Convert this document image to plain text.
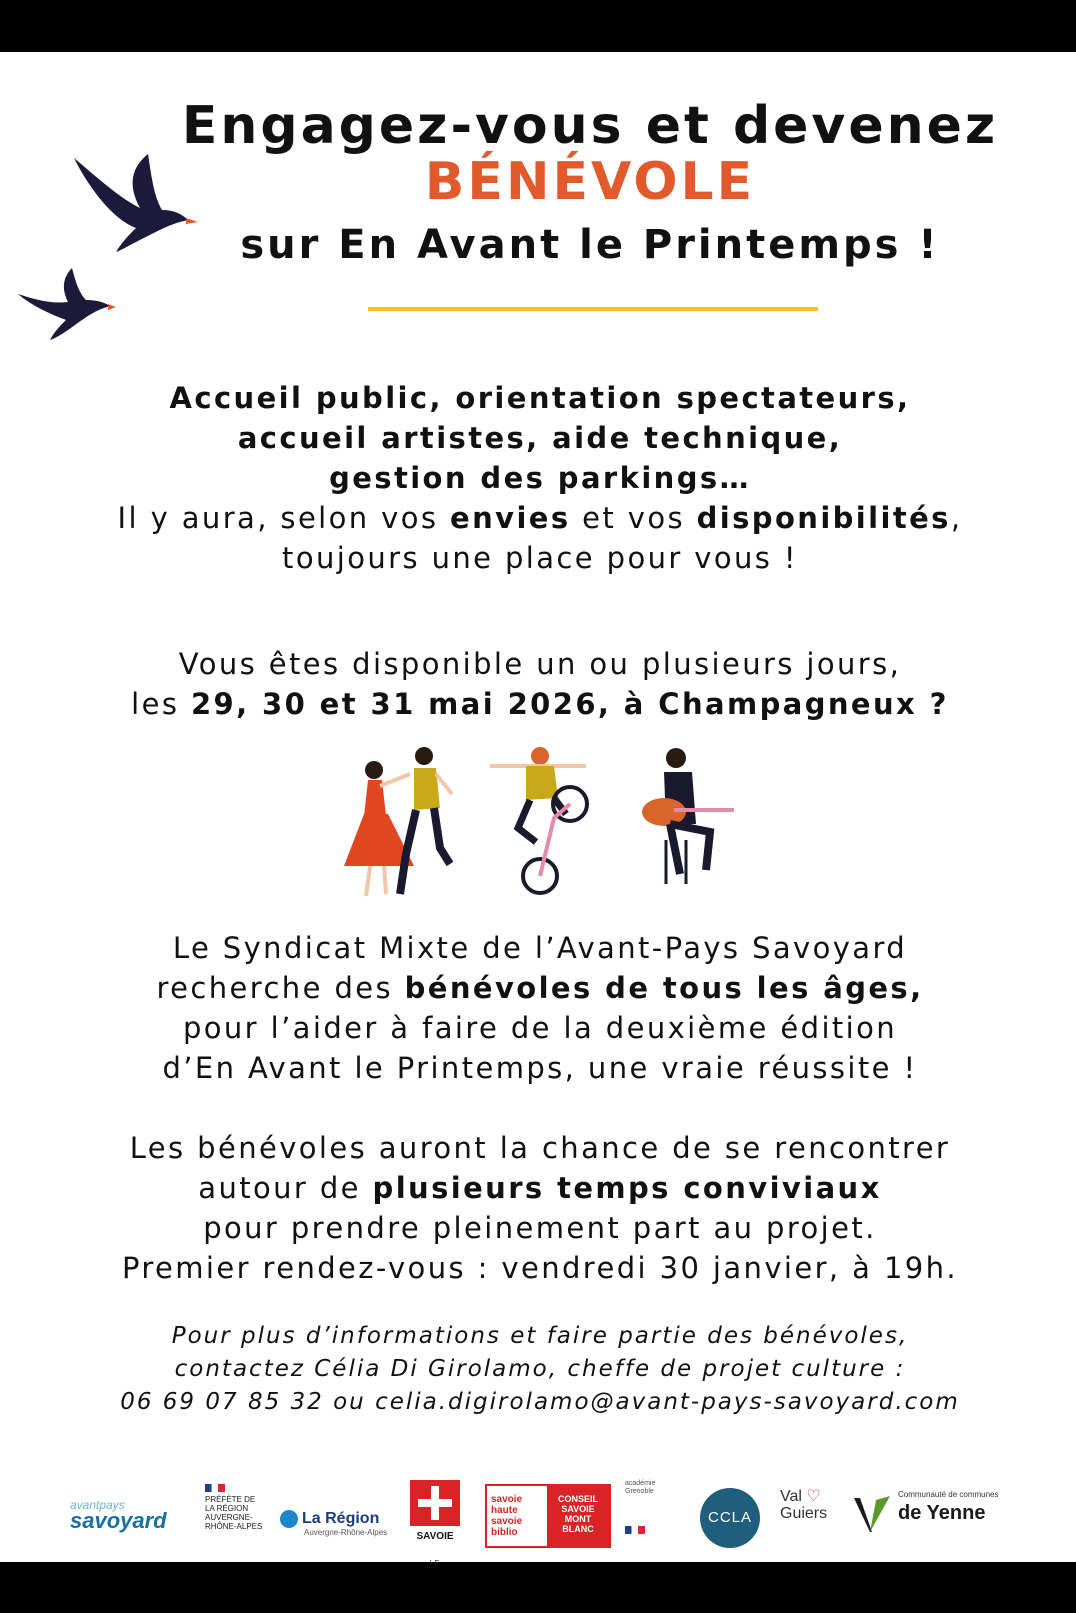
Engagez-vous et devenez
BÉNÉVOLE
sur En Avant le Printemps !
Accueil public, orientation spectateurs,
accueil artistes, aide technique,
gestion des parkings…
Il y aura, selon vos envies et vos disponibilités,
toujours une place pour vous !
Vous êtes disponible un ou plusieurs jours,
les 29, 30 et 31 mai 2026, à Champagneux ?
Le Syndicat Mixte de l’Avant-Pays Savoyard
recherche des bénévoles de tous les âges,
pour l’aider à faire de la deuxième édition
d’En Avant le Printemps, une vraie réussite !
Les bénévoles auront la chance de se rencontrer
autour de plusieurs temps conviviaux
pour prendre pleinement part au projet.
Premier rendez-vous : vendredi 30 janvier, à 19h.
Pour plus d’informations et faire partie des bénévoles,
contactez Célia Di Girolamo, cheffe de projet culture :
06 69 07 85 32 ou celia.digirolamo@avant-pays-savoyard.com
avantpays
savoyard
PRÉFÈTE DE LA RÉGION AUVERGNE-RHÔNE-ALPES	La Région
Auvergne-Rhône-Alpes	SAVOIE
savoie haute savoie biblio
CONSEIL SAVOIE MONT BLANC
académie Grenoble
CCLA
Val ♡
Guiers
Communauté de communes
de Yenne
